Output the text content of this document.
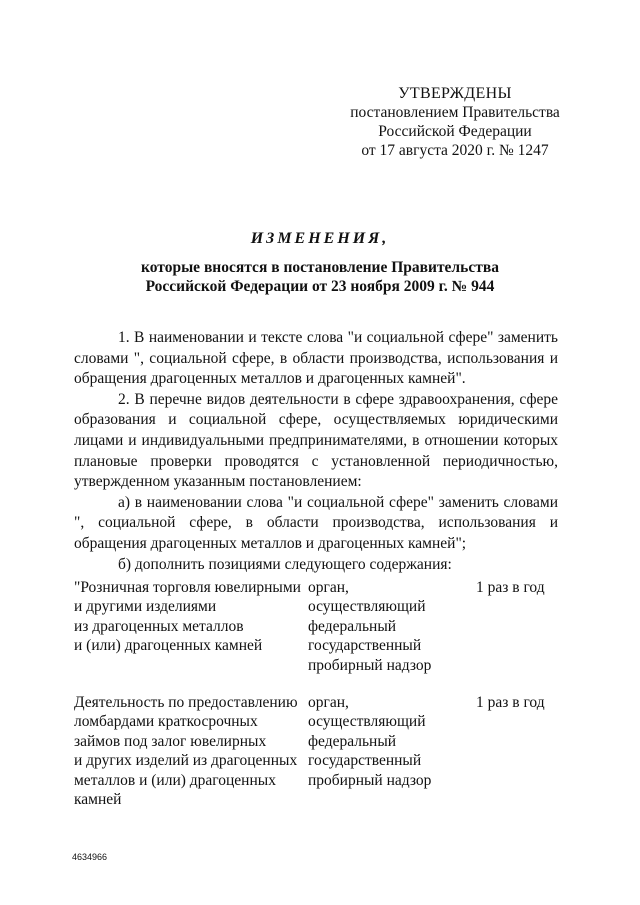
УТВЕРЖДЕНЫ
постановлением Правительства
Российской Федерации
от 17 августа 2020 г. № 1247
ИЗМЕНЕНИЯ,
которые вносятся в постановление Правительства
Российской Федерации от 23 ноября 2009 г. № 944

1. В наименовании и тексте слова "и социальной сфере" заменить словами ", социальной сфере, в области производства, использования и обращения драгоценных металлов и драгоценных камней".

2. В перечне видов деятельности в сфере здравоохранения, сфере образования и социальной сфере, осуществляемых юридическими лицами и индивидуальными предпринимателями, в отношении которых плановые проверки проводятся с установленной периодичностью, утвержденном указанным постановлением:

а) в наименовании слова "и социальной сфере" заменить словами ", социальной сфере, в области производства, использования и обращения драгоценных металлов и драгоценных камней";

б) дополнить позициями следующего содержания:

"Розничная торговля ювелирными
и другими изделиями
из драгоценных металлов
и (или) драгоценных камней
орган,
осуществляющий
федеральный
государственный
пробирный надзор
1 раз в год
Деятельность по предоставлению
ломбардами краткосрочных
займов под залог ювелирных
и других изделий из драгоценных
металлов и (или) драгоценных
камней
орган,
осуществляющий
федеральный
государственный
пробирный надзор
1 раз в год
4634966
